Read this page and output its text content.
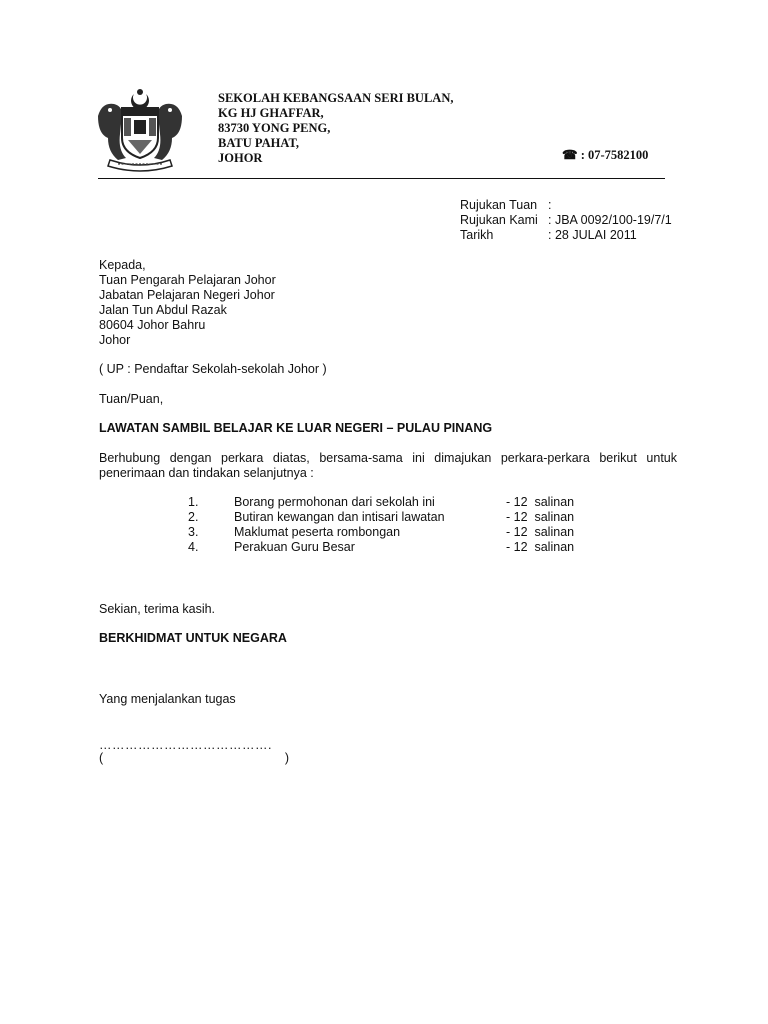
SEKOLAH KEBANGSAAN SERI BULAN,
KG HJ GHAFFAR,
83730 YONG PENG,
BATU PAHAT,
JOHOR	☎ : 07-7582100
Rujukan Tuan :
Rujukan Kami : JBA 0092/100-19/7/1
Tarikh	: 28 JULAI 2011
Kepada,
Tuan Pengarah Pelajaran Johor
Jabatan Pelajaran Negeri Johor
Jalan Tun Abdul Razak
80604 Johor Bahru
Johor
( UP : Pendaftar Sekolah-sekolah Johor )
Tuan/Puan,
LAWATAN SAMBIL BELAJAR KE LUAR NEGERI – PULAU PINANG
Berhubung dengan perkara diatas, bersama-sama ini dimajukan perkara-perkara berikut untuk penerimaan dan tindakan selanjutnya :
1.	Borang permohonan dari sekolah ini	- 12  salinan
2.	Butiran kewangan dan intisari lawatan	- 12  salinan
3.	Maklumat peserta rombongan	- 12  salinan
4.	Perakuan Guru Besar	- 12  salinan
Sekian, terima kasih.
BERKHIDMAT UNTUK NEGARA
Yang menjalankan tugas
………………………………….
(	)
